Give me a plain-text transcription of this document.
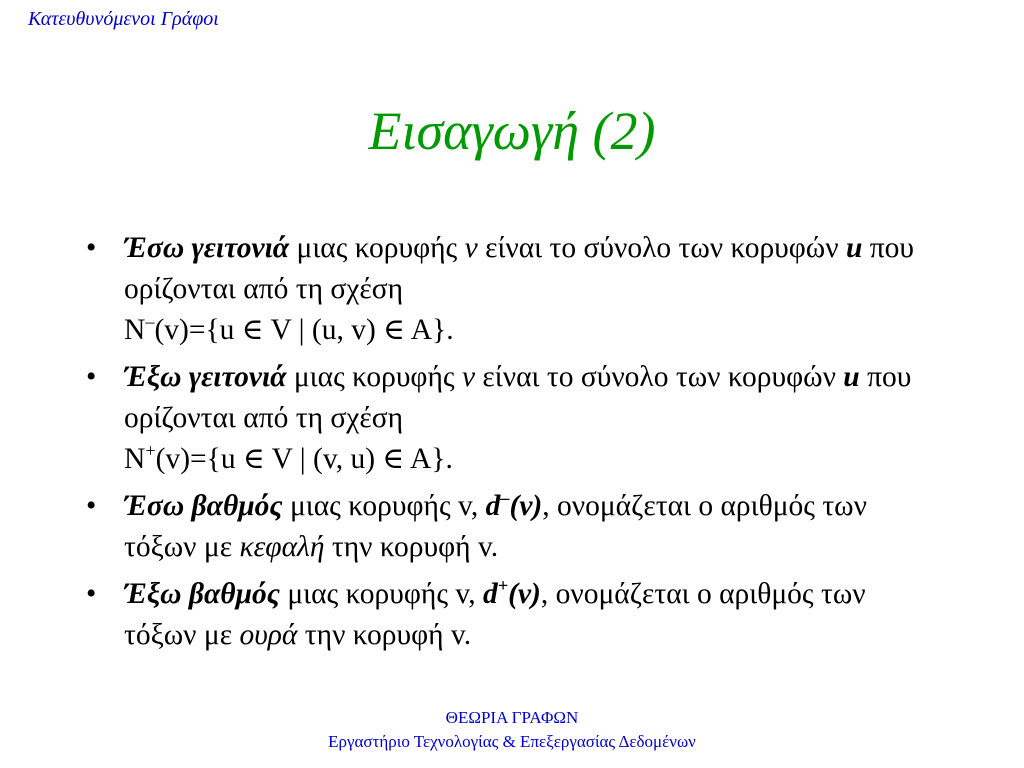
Κατευθυνόμενοι Γράφοι
Εισαγωγή (2)
• Έσω γειτονιά μιας κορυφής v είναι το σύνολο των κορυφών u που ορίζονται από τη σχέση
N–(v)={u ∈ V | (u, v) ∈ A}.
• Έξω γειτονιά μιας κορυφής v είναι το σύνολο των κορυφών u που ορίζονται από τη σχέση
N+(v)={u ∈ V | (v, u) ∈ A}.
• Έσω βαθμός μιας κορυφής v, d–(v), ονομάζεται ο αριθμός των τόξων με κεφαλή την κορυφή v.
• Έξω βαθμός μιας κορυφής v, d+(v), ονομάζεται ο αριθμός των τόξων με ουρά την κορυφή v.
ΘΕΩΡΙΑ ΓΡΑΦΩΝ
Εργαστήριο Τεχνολογίας & Επεξεργασίας Δεδομένων
